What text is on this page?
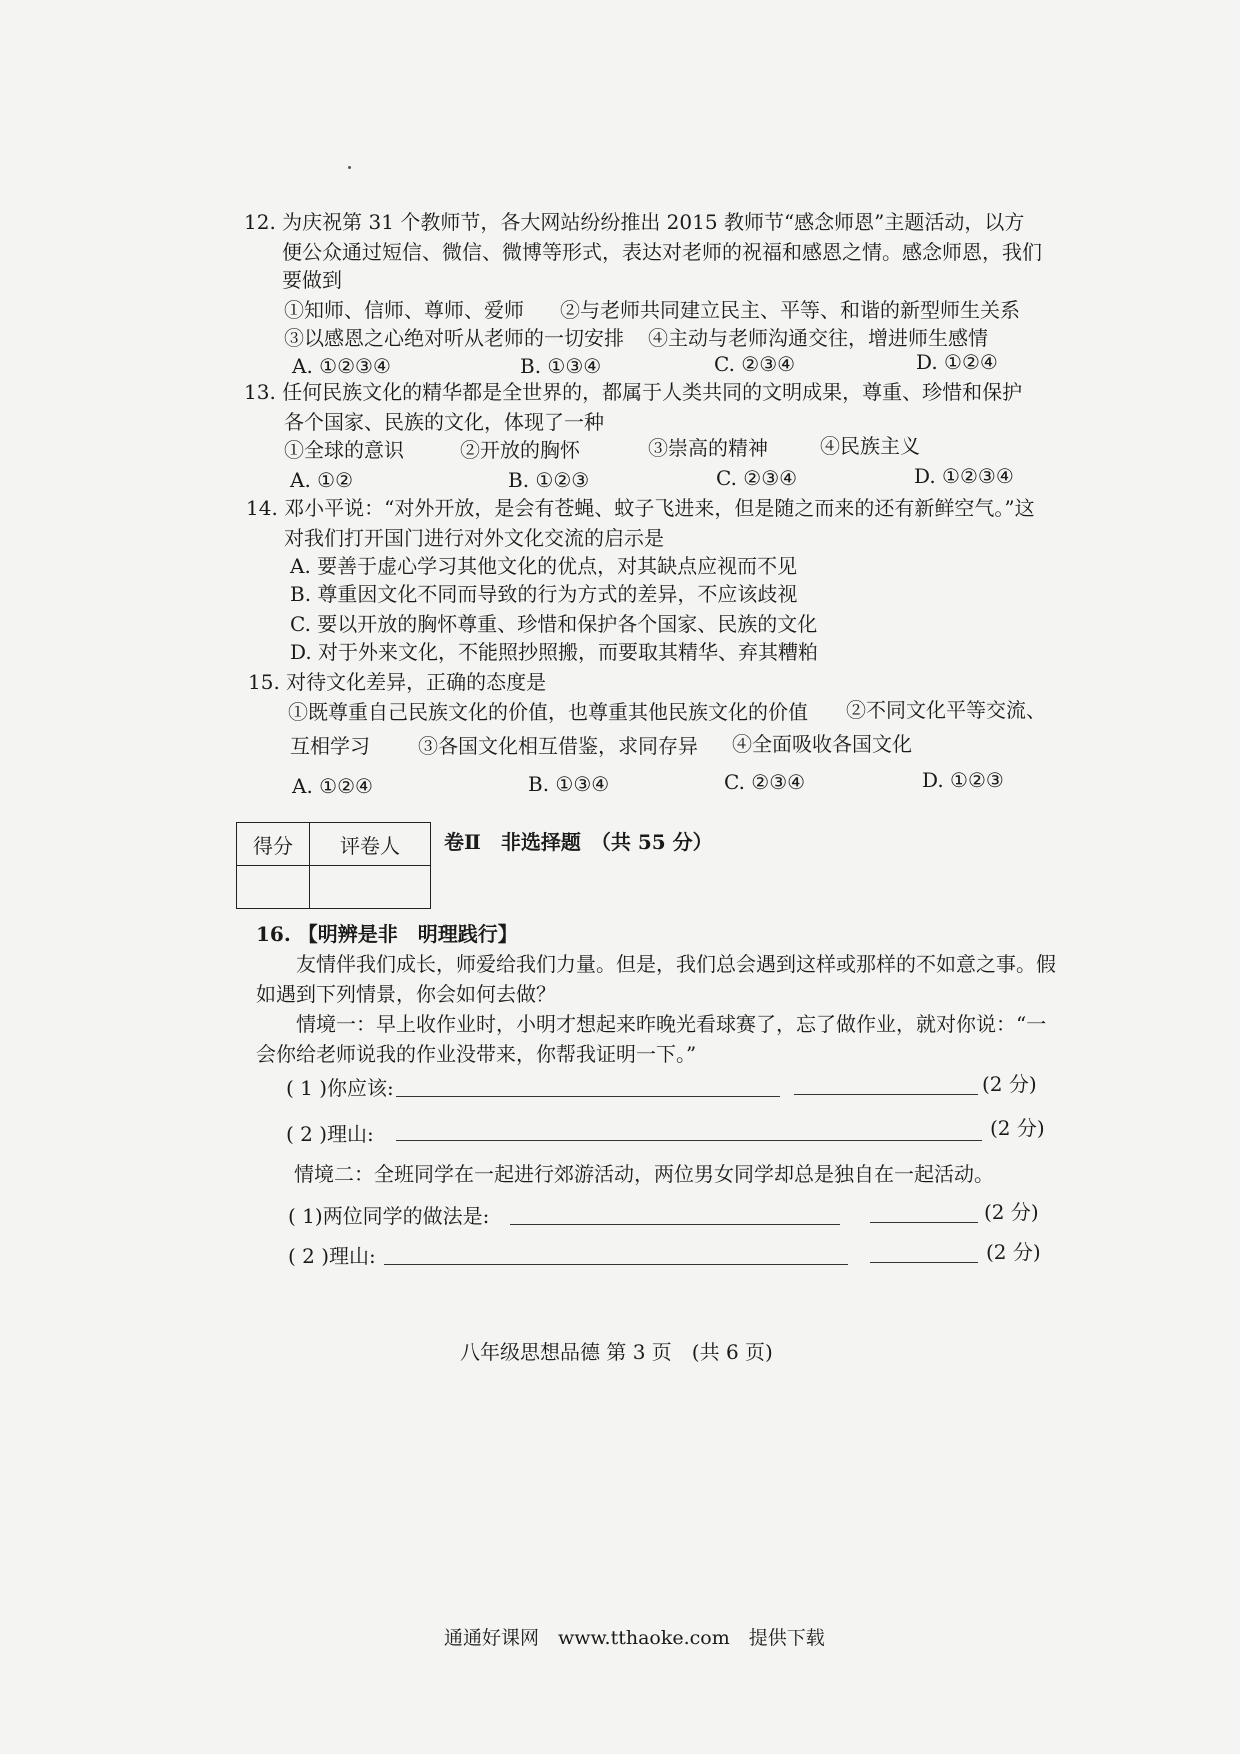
12. 为庆祝第 31 个教师节，各大网站纷纷推出 2015 教师节“感念师恩”主题活动，以方
便公众通过短信、微信、微博等形式，表达对老师的祝福和感恩之情。感念师恩，我们
要做到
①知师、信师、尊师、爱师 ②与老师共同建立民主、平等、和谐的新型师生关系
③以感恩之心绝对听从老师的一切安排 ④主动与老师沟通交往，增进师生感情
A. ①②③④	B. ①③④	C. ②③④	D. ①②④
13. 任何民族文化的精华都是全世界的，都属于人类共同的文明成果，尊重、珍惜和保护
各个国家、民族的文化，体现了一种
①全球的意识	②开放的胸怀	③崇高的精神	④民族主义
A. ①②	B. ①②③	C. ②③④	D. ①②③④
14. 邓小平说：“对外开放，是会有苍蝇、蚊子飞进来，但是随之而来的还有新鲜空气。”这
对我们打开国门进行对外文化交流的启示是
A. 要善于虚心学习其他文化的优点，对其缺点应视而不见
B. 尊重因文化不同而导致的行为方式的差异，不应该歧视
C. 要以开放的胸怀尊重、珍惜和保护各个国家、民族的文化
D. 对于外来文化，不能照抄照搬，而要取其精华、弃其糟粕
15. 对待文化差异，正确的态度是
①既尊重自己民族文化的价值，也尊重其他民族文化的价值 ②不同文化平等交流、
互相学习 ③各国文化相互借鉴，求同存异 ④全面吸收各国文化
A. ①②④	B. ①③④	C. ②③④	D. ①②③
得分	评卷人
	卷Ⅱ　非选择题　（共 55 分）
16. 【明辨是非　明理践行】
友情伴我们成长，师爱给我们力量。但是，我们总会遇到这样或那样的不如意之事。假
如遇到下列情景，你会如何去做？
情境一：早上收作业时，小明才想起来昨晚光看球赛了，忘了做作业，就对你说：“一
会你给老师说我的作业没带来，你帮我证明一下。”
( 1 )你应该:	(2 分)
( 2 )理山:	(2 分)
情境二：全班同学在一起进行郊游活动，两位男女同学却总是独自在一起活动。
( 1)两位同学的做法是:	(2 分)
( 2 )理山:	(2 分)
八年级思想品德 第 3 页　(共 6 页)
通通好课网　www.tthaoke.com　提供下载
